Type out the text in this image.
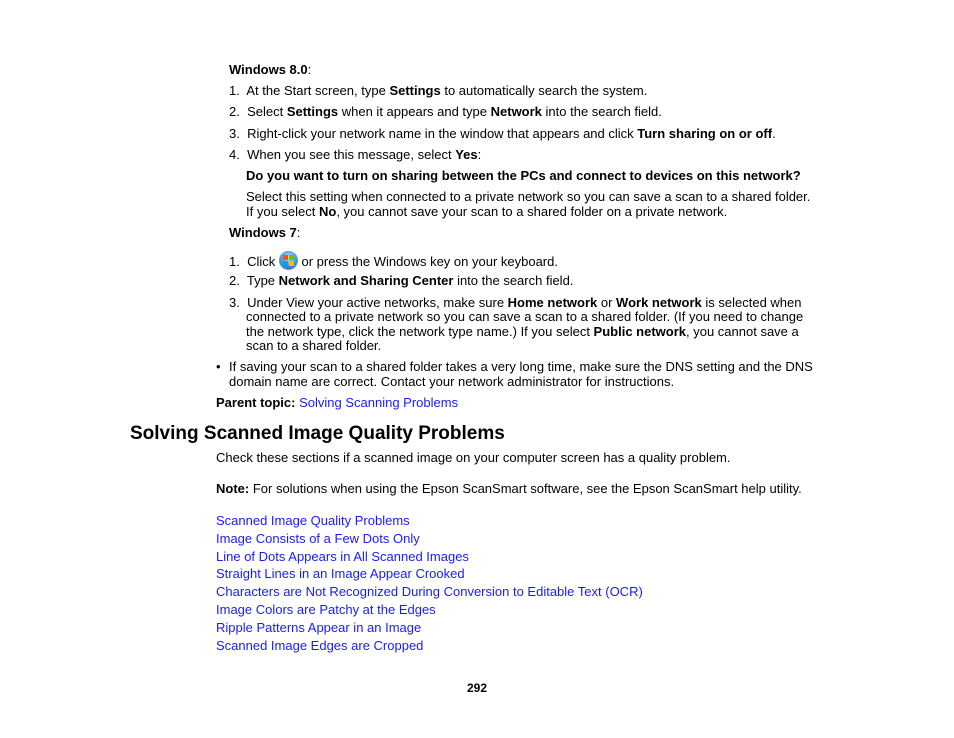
Windows 8.0:
1. At the Start screen, type Settings to automatically search the system.
2. Select Settings when it appears and type Network into the search field.
3. Right-click your network name in the window that appears and click Turn sharing on or off.
4. When you see this message, select Yes:
Do you want to turn on sharing between the PCs and connect to devices on this network?
Select this setting when connected to a private network so you can save a scan to a shared folder.
If you select No, you cannot save your scan to a shared folder on a private network.
Windows 7:
1. Click
or press the Windows key on your keyboard.
2. Type Network and Sharing Center into the search field.
3. Under View your active networks, make sure Home network or Work network is selected when
connected to a private network so you can save a scan to a shared folder. (If you need to change
the network type, click the network type name.) If you select Public network, you cannot save a
scan to a shared folder.
• If saving your scan to a shared folder takes a very long time, make sure the DNS setting and the DNS
domain name are correct. Contact your network administrator for instructions.
Parent topic: Solving Scanning Problems
Solving Scanned Image Quality Problems
Check these sections if a scanned image on your computer screen has a quality problem.
Note: For solutions when using the Epson ScanSmart software, see the Epson ScanSmart help utility.
Scanned Image Quality Problems
Image Consists of a Few Dots Only
Line of Dots Appears in All Scanned Images
Straight Lines in an Image Appear Crooked
Characters are Not Recognized During Conversion to Editable Text (OCR)
Image Colors are Patchy at the Edges
Ripple Patterns Appear in an Image
Scanned Image Edges are Cropped
292
